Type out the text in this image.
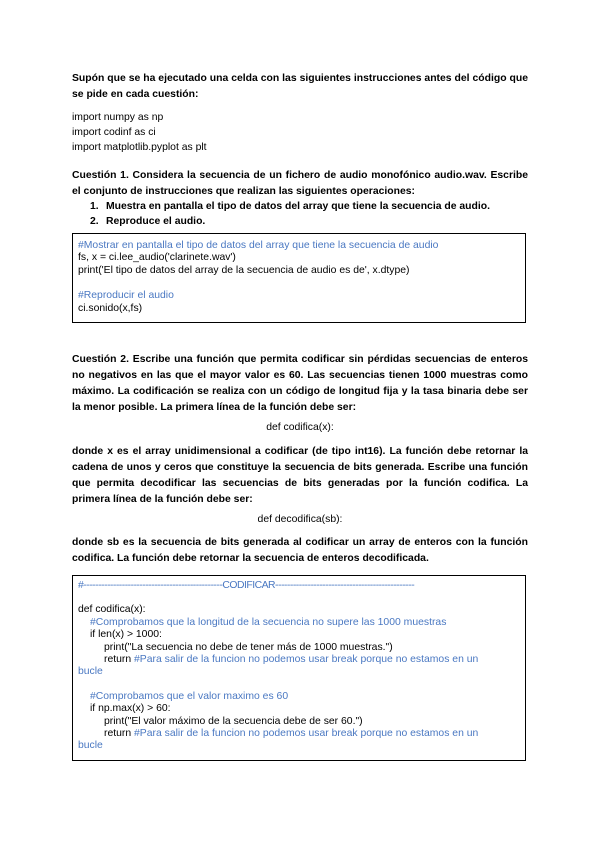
Supón que se ha ejecutado una celda con las siguientes instrucciones antes del código que se pide en cada cuestión:
import numpy as np
import codinf as ci
import matplotlib.pyplot as plt
Cuestión 1. Considera la secuencia de un fichero de audio monofónico audio.wav. Escribe el conjunto de instrucciones que realizan las siguientes operaciones:
1. Muestra en pantalla el tipo de datos del array que tiene la secuencia de audio.
2. Reproduce el audio.
#Mostrar en pantalla el tipo de datos del array que tiene la secuencia de audio
fs, x = ci.lee_audio('clarinete.wav')
print('El tipo de datos del array de la secuencia de audio es de', x.dtype)
#Reproducir el audio
ci.sonido(x,fs)
Cuestión 2. Escribe una función que permita codificar sin pérdidas secuencias de enteros no negativos en las que el mayor valor es 60. Las secuencias tienen 1000 muestras como máximo. La codificación se realiza con un código de longitud fija y la tasa binaria debe ser la menor posible. La primera línea de la función debe ser:
def codifica(x):
donde x es el array unidimensional a codificar (de tipo int16). La función debe retornar la cadena de unos y ceros que constituye la secuencia de bits generada. Escribe una función que permita decodificar las secuencias de bits generadas por la función codifica. La primera línea de la función debe ser:
def decodifica(sb):
donde sb es la secuencia de bits generada al codificar un array de enteros con la función codifica. La función debe retornar la secuencia de enteros decodificada.
#-----------------------------------------------CODIFICAR-----------------------------------------------
def codifica(x):
#Comprobamos que la longitud de la secuencia no supere las 1000 muestras
if len(x) > 1000:
print("La secuencia no debe de tener más de 1000 muestras.")
return #Para salir de la funcion no podemos usar break porque no estamos en un
bucle
#Comprobamos que el valor maximo es 60
if np.max(x) > 60:
print("El valor máximo de la secuencia debe de ser 60.")
return #Para salir de la funcion no podemos usar break porque no estamos en un
bucle
